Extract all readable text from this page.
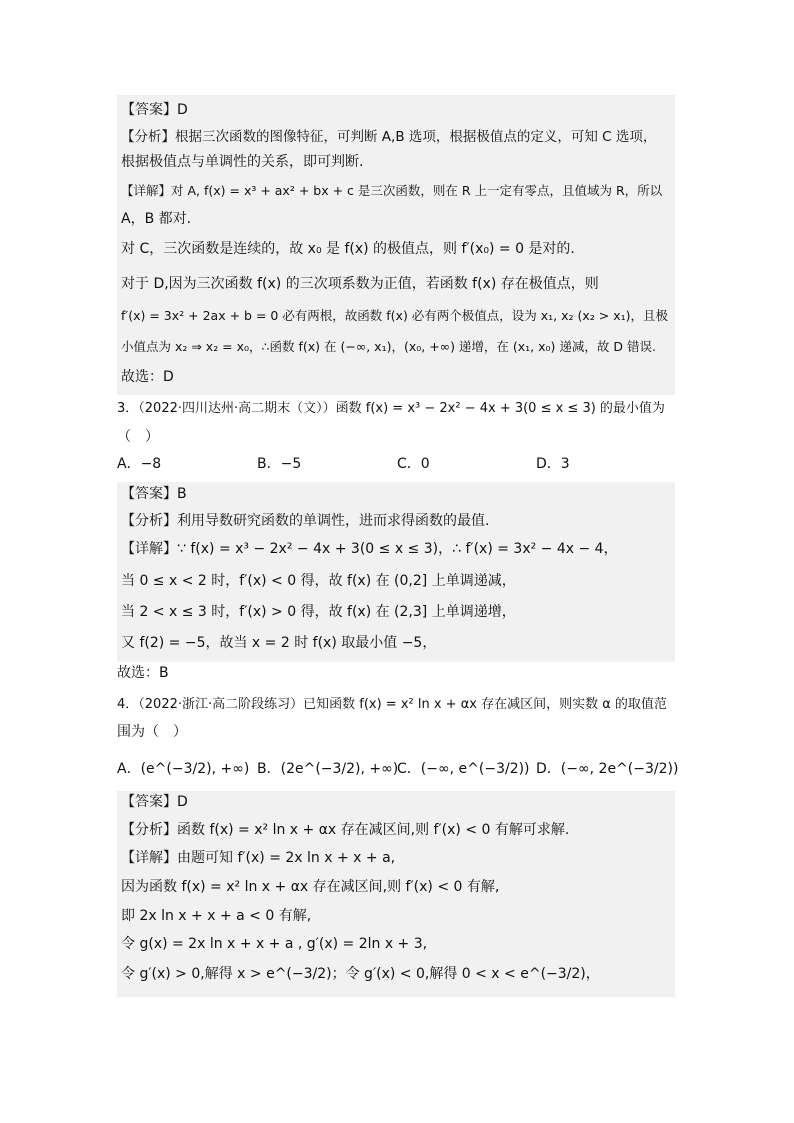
【答案】D
【分析】根据三次函数的图像特征，可判断 A,B 选项，根据极值点的定义，可知 C 选项，
根据极值点与单调性的关系，即可判断.
【详解】对 A, f(x) = x³ + ax² + bx + c 是三次函数，则在 R 上一定有零点，且值域为 R，所以
A，B 都对.
对 C，三次函数是连续的，故 x₀ 是 f(x) 的极值点，则 f′(x₀) = 0 是对的.
对于 D,因为三次函数 f(x) 的三次项系数为正值，若函数 f(x) 存在极值点，则
f′(x) = 3x² + 2ax + b = 0 必有两根，故函数 f(x) 必有两个极值点，设为 x₁, x₂ (x₂ > x₁)，且极
小值点为 x₂ ⇒ x₂ = x₀，∴函数 f(x) 在 (−∞, x₁)，(x₀, +∞) 递增，在 (x₁, x₀) 递减，故 D 错误.
故选：D
3．（2022·四川达州·高二期末（文））函数 f(x) = x³ − 2x² − 4x + 3(0 ≤ x ≤ 3) 的最小值为
（　）
A．−8	B．−5	C．0	D．3
【答案】B
【分析】利用导数研究函数的单调性，进而求得函数的最值.
【详解】∵ f(x) = x³ − 2x² − 4x + 3(0 ≤ x ≤ 3)，∴ f′(x) = 3x² − 4x − 4，
当 0 ≤ x < 2 时，f′(x) < 0 得，故 f(x) 在 (0,2] 上单调递减，
当 2 < x ≤ 3 时，f′(x) > 0 得，故 f(x) 在 (2,3] 上单调递增，
又 f(2) = −5，故当 x = 2 时 f(x) 取最小值 −5，
故选：B
4．（2022·浙江·高二阶段练习）已知函数 f(x) = x² ln x + αx 存在减区间，则实数 α 的取值范
围为（　）
A．(e^(−3/2), +∞) B．(2e^(−3/2), +∞)
C．(−∞, e^(−3/2)) D．(−∞, 2e^(−3/2))
【答案】D
【分析】函数 f(x) = x² ln x + αx 存在减区间,则 f′(x) < 0 有解可求解.
【详解】由题可知 f′(x) = 2x ln x + x + a,
因为函数 f(x) = x² ln x + αx 存在减区间,则 f′(x) < 0 有解,
即 2x ln x + x + a < 0 有解,
令 g(x) = 2x ln x + x + a , g′(x) = 2ln x + 3,
令 g′(x) > 0,解得 x > e^(−3/2)；令 g′(x) < 0,解得 0 < x < e^(−3/2)，
